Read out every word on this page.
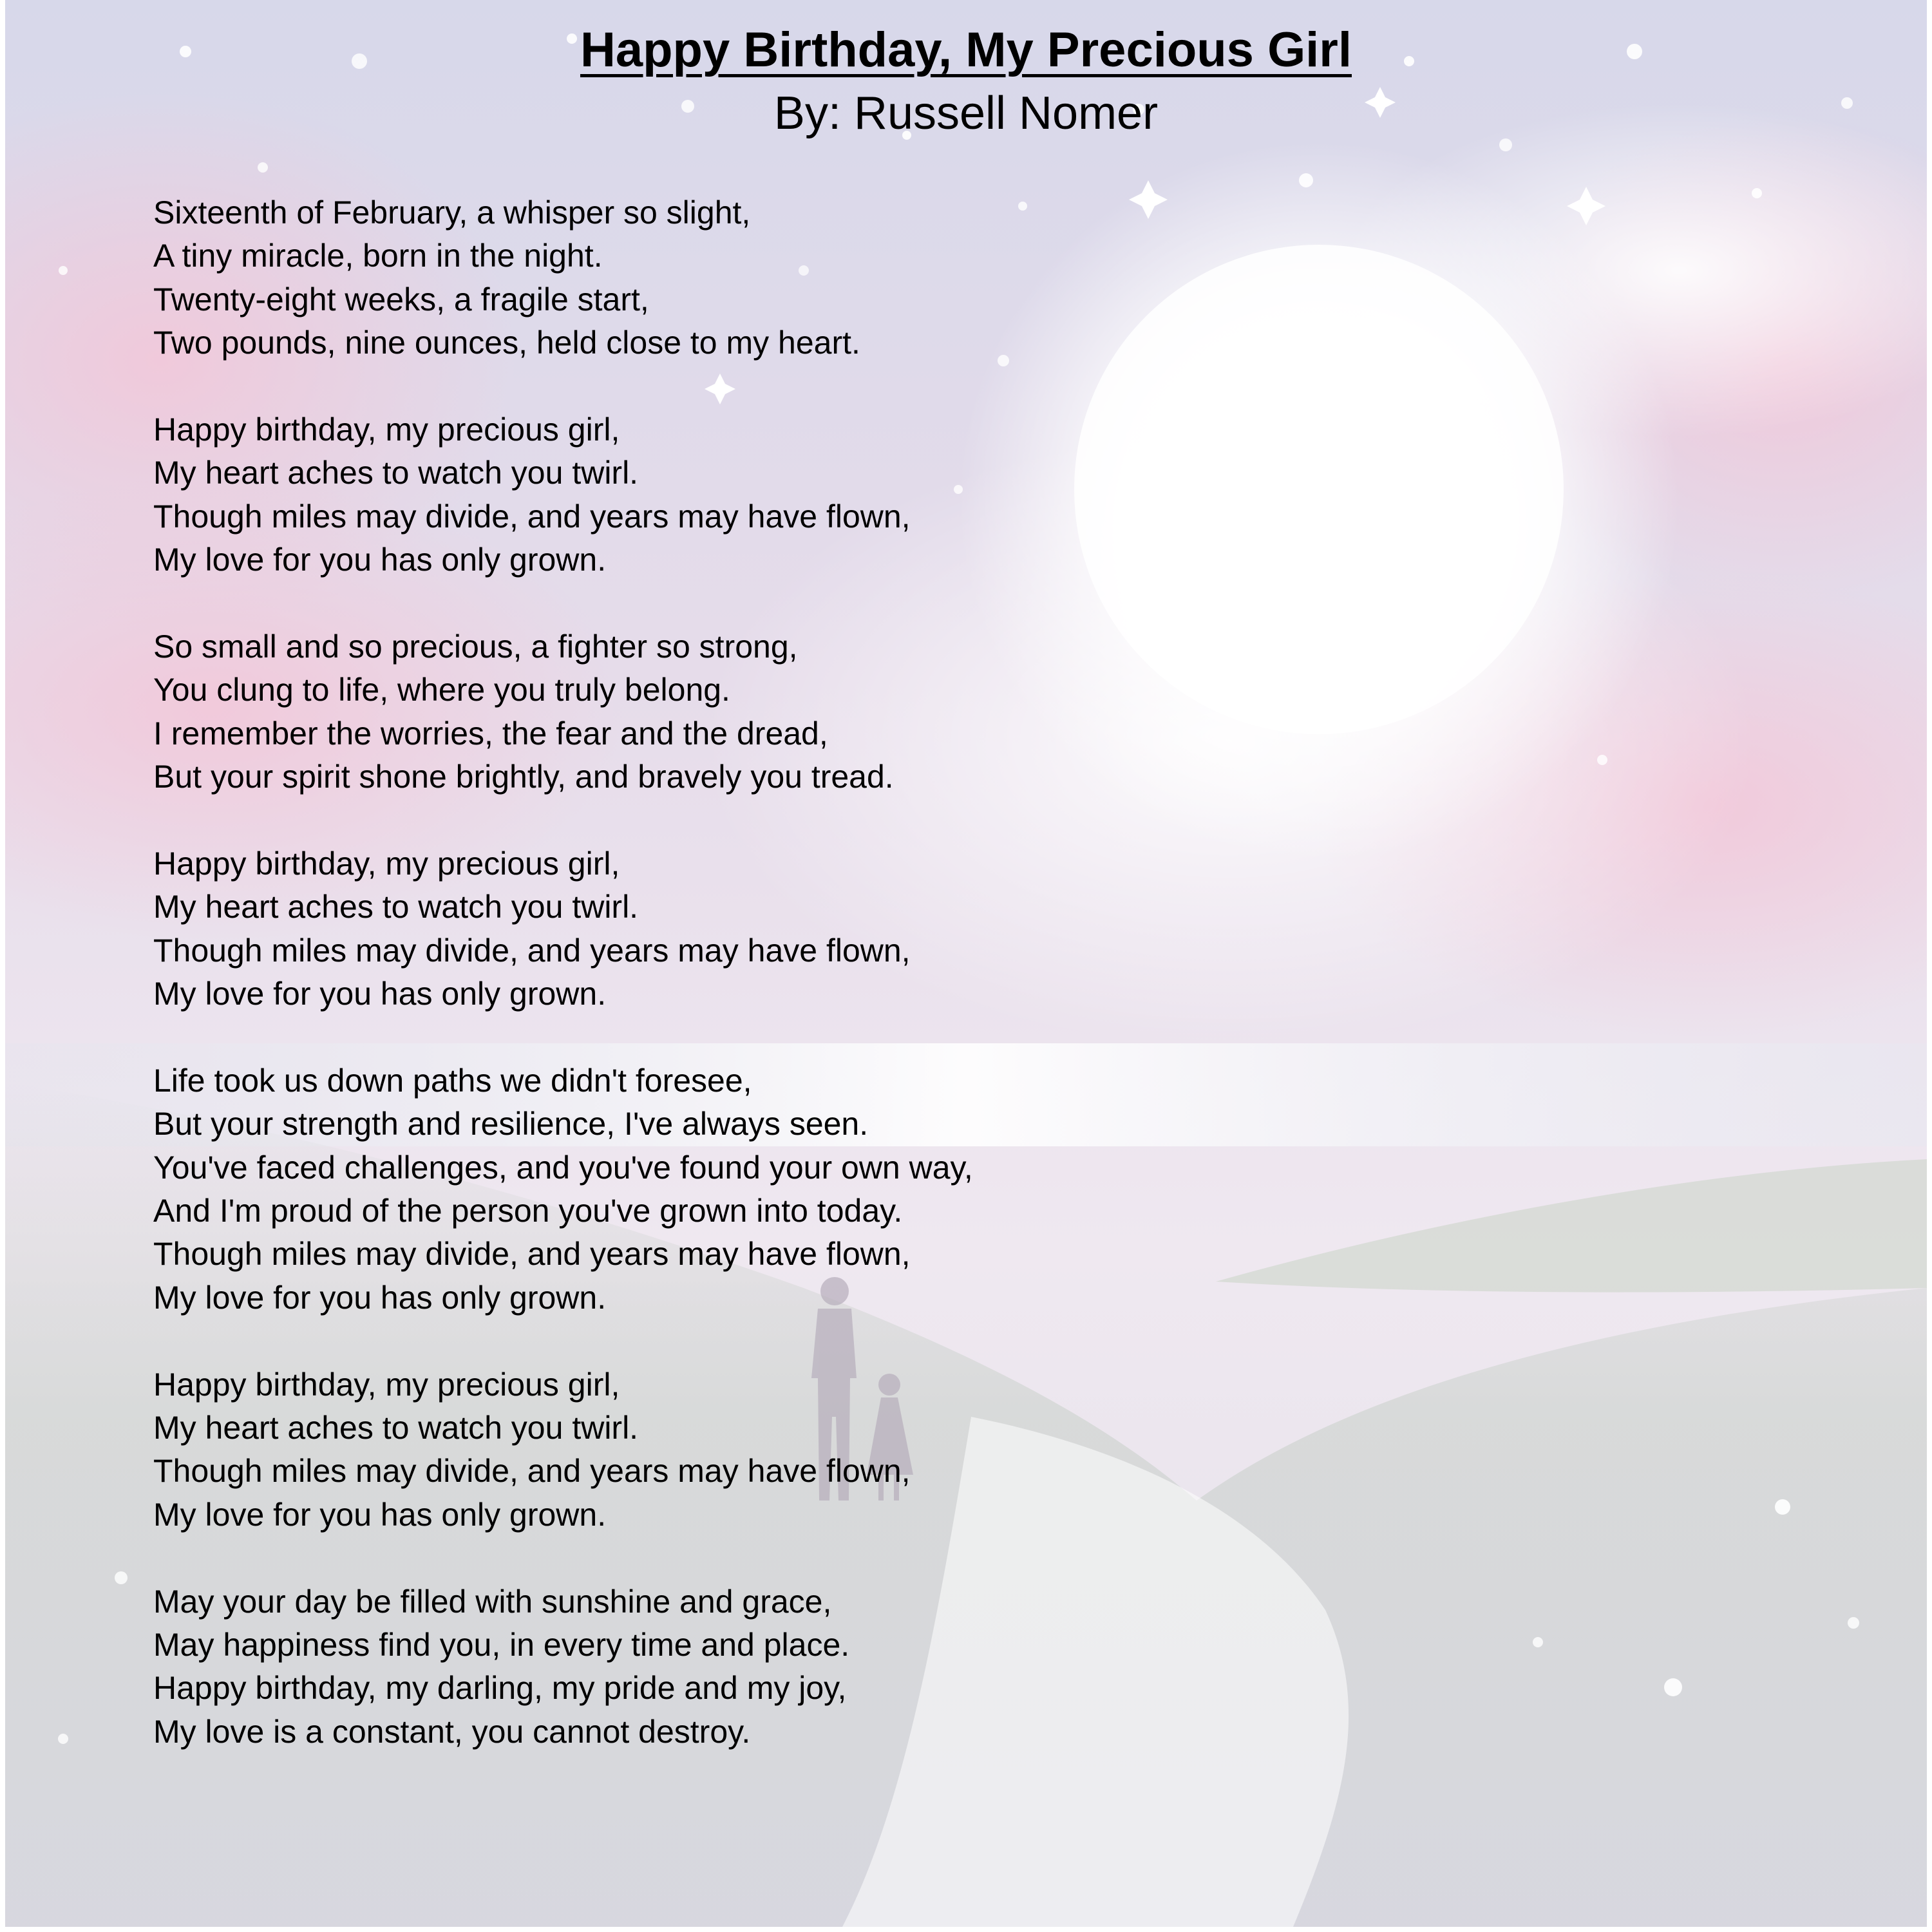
Happy Birthday, My Precious Girl
By: Russell Nomer
Sixteenth of February, a whisper so slight,
A tiny miracle, born in the night.
Twenty-eight weeks, a fragile start,
Two pounds, nine ounces, held close to my heart.
Happy birthday, my precious girl,
My heart aches to watch you twirl.
Though miles may divide, and years may have flown,
My love for you has only grown.
So small and so precious, a fighter so strong,
You clung to life, where you truly belong.
I remember the worries, the fear and the dread,
But your spirit shone brightly, and bravely you tread.
Happy birthday, my precious girl,
My heart aches to watch you twirl.
Though miles may divide, and years may have flown,
My love for you has only grown.
Life took us down paths we didn't foresee,
But your strength and resilience, I've always seen.
You've faced challenges, and you've found your own way,
And I'm proud of the person you've grown into today.
Though miles may divide, and years may have flown,
My love for you has only grown.
Happy birthday, my precious girl,
My heart aches to watch you twirl.
Though miles may divide, and years may have flown,
My love for you has only grown.
May your day be filled with sunshine and grace,
May happiness find you, in every time and place.
Happy birthday, my darling, my pride and my joy,
My love is a constant, you cannot destroy.
